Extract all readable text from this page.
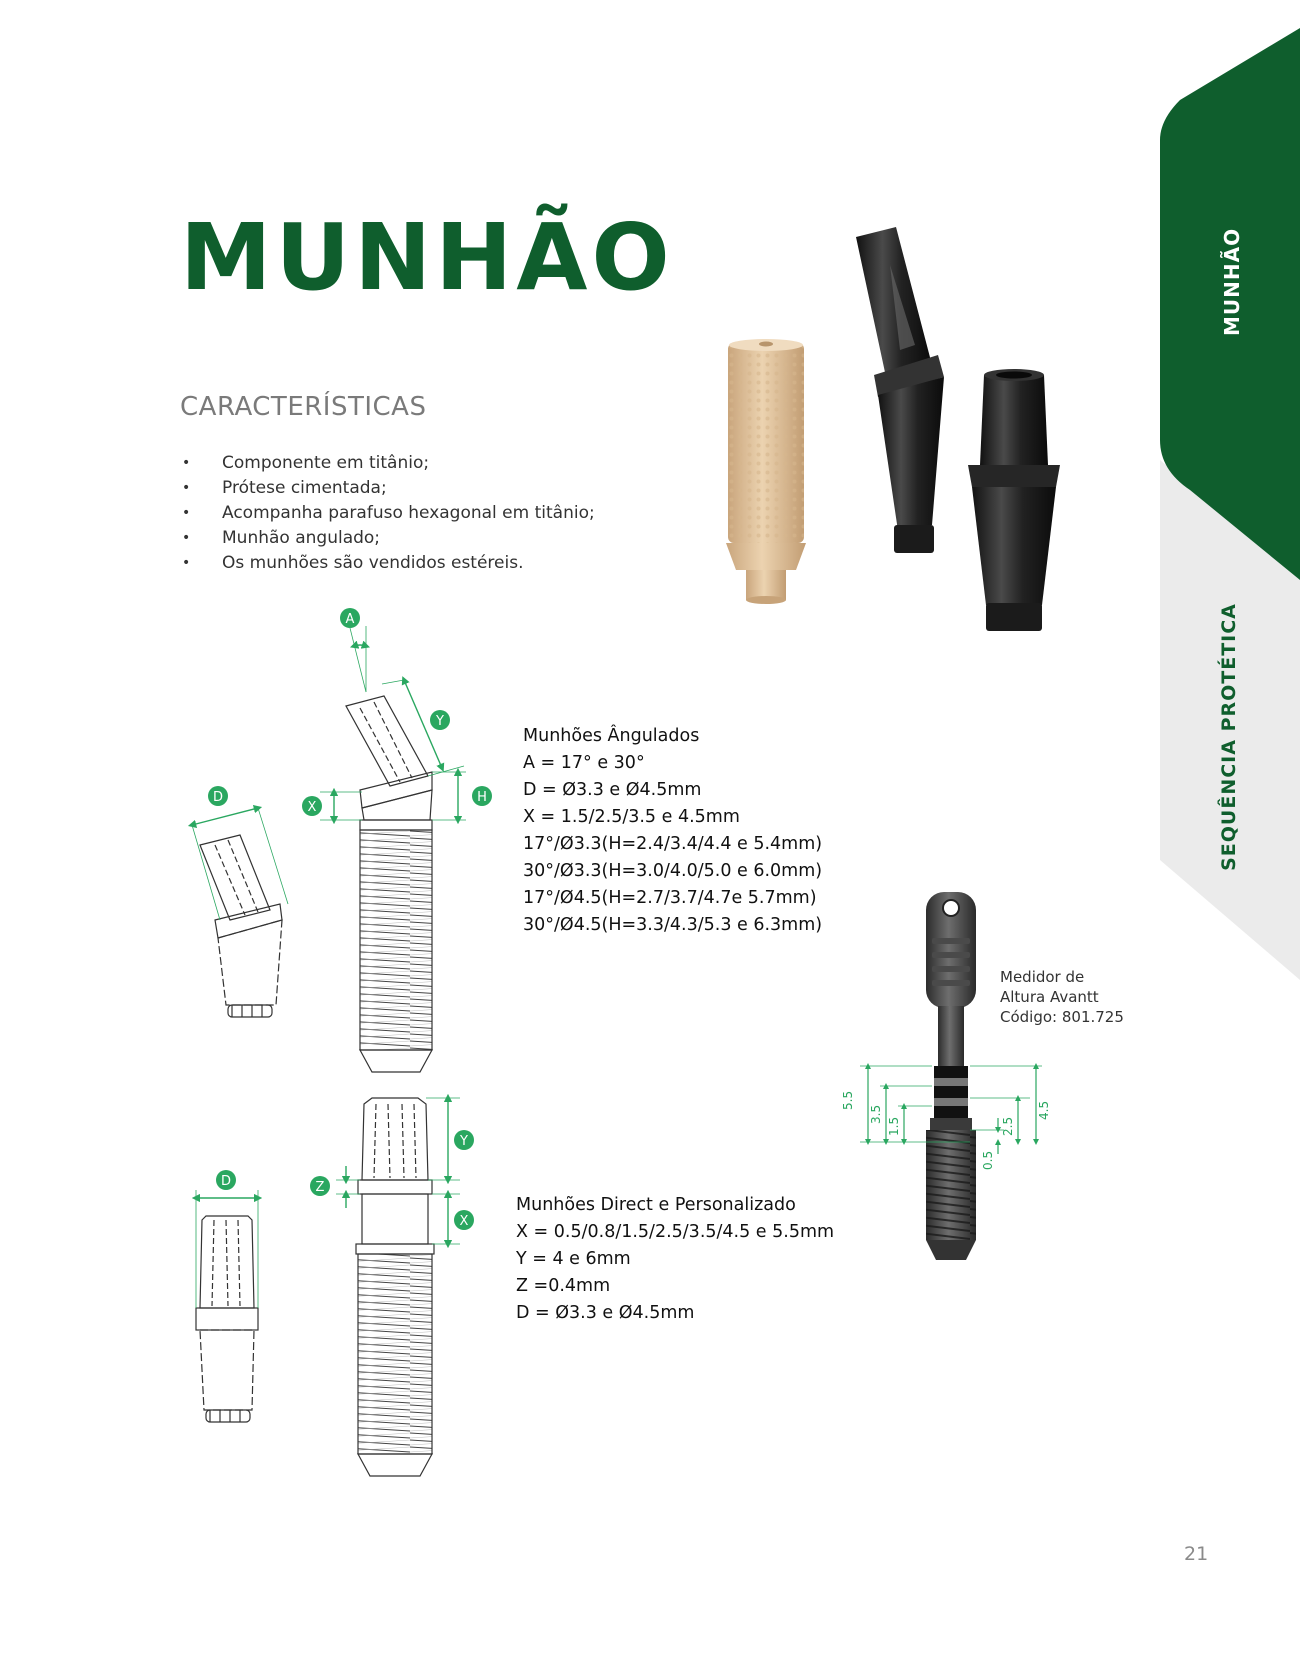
MUNHÃO
SEQUÊNCIA PROTÉTICA
MUNHÃO
CARACTERÍSTICAS
• Componente em titânio;
• Prótese cimentada;
• Acompanha parafuso hexagonal em titânio;
• Munhão angulado;
• Os munhões são vendidos estéreis.
D
A
Y
X
H
D
Y
X
Z
Munhões Ângulados
A = 17° e 30°
D = Ø3.3 e Ø4.5mm
X = 1.5/2.5/3.5 e 4.5mm
17°/Ø3.3(H=2.4/3.4/4.4 e 5.4mm)
30°/Ø3.3(H=3.0/4.0/5.0 e 6.0mm)
17°/Ø4.5(H=2.7/3.7/4.7e 5.7mm)
30°/Ø4.5(H=3.3/4.3/5.3 e 6.3mm)
Munhões Direct e Personalizado
X = 0.5/0.8/1.5/2.5/3.5/4.5 e 5.5mm
Y = 4 e 6mm
Z =0.4mm
D = Ø3.3 e Ø4.5mm
5.5
3.5
1.5
0.5
2.5
4.5
Medidor de
Altura Avantt
Código: 801.725
21
